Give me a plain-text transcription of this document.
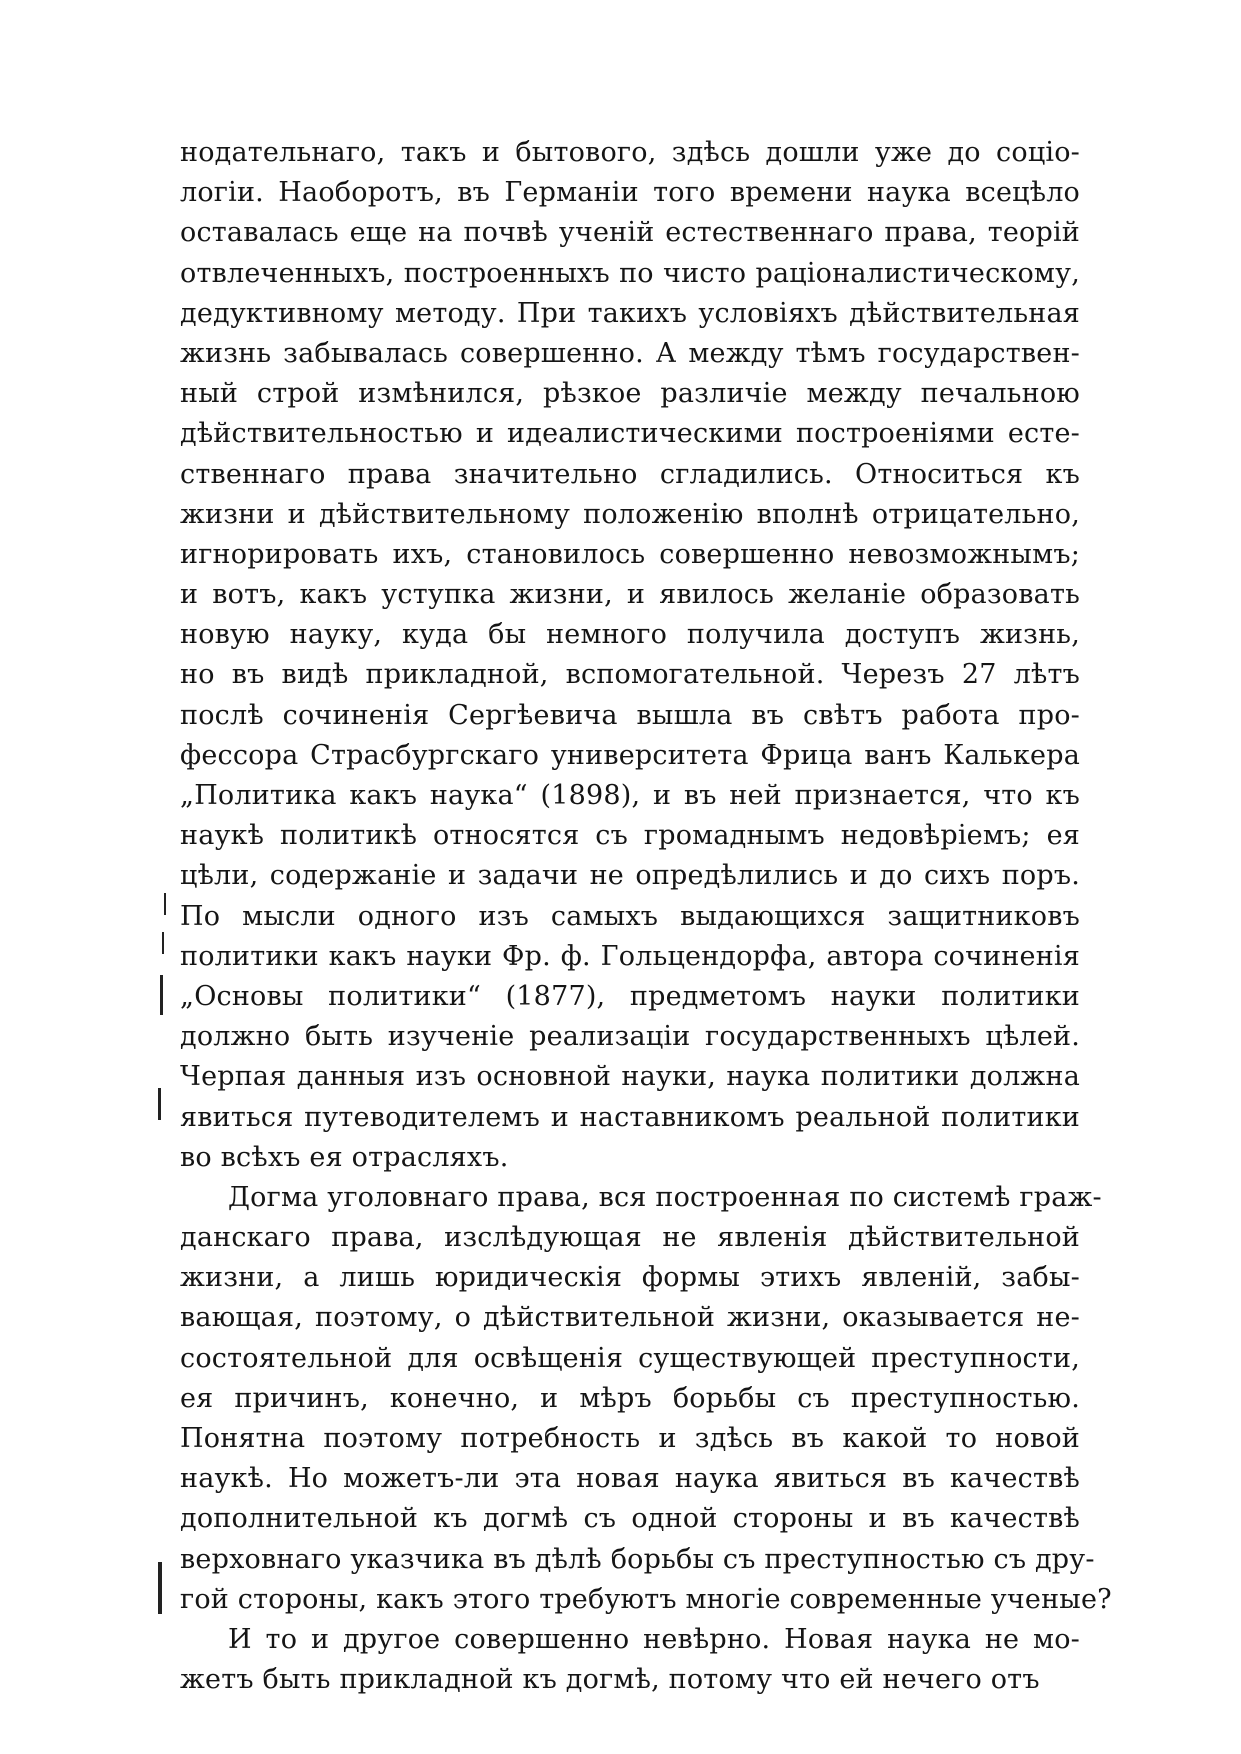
нодательнаго, такъ и бытового, здѣсь дошли уже до соціо-
логіи. Наоборотъ, въ Германіи того времени наука всецѣло
оставалась еще на почвѣ ученій естественнаго права, теорій
отвлеченныхъ, построенныхъ по чисто раціоналистическому,
дедуктивному методу. При такихъ условіяхъ дѣйствительная
жизнь забывалась совершенно. А между тѣмъ государствен-
ный строй измѣнился, рѣзкое различіе между печальною
дѣйствительностью и идеалистическими построеніями есте-
ственнаго права значительно сгладились. Относиться къ
жизни и дѣйствительному положенію вполнѣ отрицательно,
игнорировать ихъ, становилось совершенно невозможнымъ;
и вотъ, какъ уступка жизни, и явилось желаніе образовать
новую науку, куда бы немного получила доступъ жизнь,
но въ видѣ прикладной, вспомогательной. Черезъ 27 лѣтъ
послѣ сочиненія Сергѣевича вышла въ свѣтъ работа про-
фессора Страсбургскаго университета Фрица ванъ Калькера
„Политика какъ наука“ (1898), и въ ней признается, что къ
наукѣ политикѣ относятся съ громаднымъ недовѣріемъ; ея
цѣли, содержаніе и задачи не опредѣлились и до сихъ поръ.
По мысли одного изъ самыхъ выдающихся защитниковъ
политики какъ науки Фр. ф. Гольцендорфа, автора сочиненія
„Основы политики“ (1877), предметомъ науки политики
должно быть изученіе реализаціи государственныхъ цѣлей.
Черпая данныя изъ основной науки, наука политики должна
явиться путеводителемъ и наставникомъ реальной политики
во всѣхъ ея отрасляхъ.
Догма уголовнаго права, вся построенная по системѣ граж-
данскаго права, изслѣдующая не явленія дѣйствительной
жизни, а лишь юридическія формы этихъ явленій, забы-
вающая, поэтому, о дѣйствительной жизни, оказывается не-
состоятельной для освѣщенія существующей преступности,
ея причинъ, конечно, и мѣръ борьбы съ преступностью.
Понятна поэтому потребность и здѣсь въ какой то новой
наукѣ. Но можетъ-ли эта новая наука явиться въ качествѣ
дополнительной къ догмѣ съ одной стороны и въ качествѣ
верховнаго указчика въ дѣлѣ борьбы съ преступностью съ дру-
гой стороны, какъ этого требуютъ многіе современные ученые?
И то и другое совершенно невѣрно. Новая наука не мо-
жетъ быть прикладной къ догмѣ, потому что ей нечего отъ
